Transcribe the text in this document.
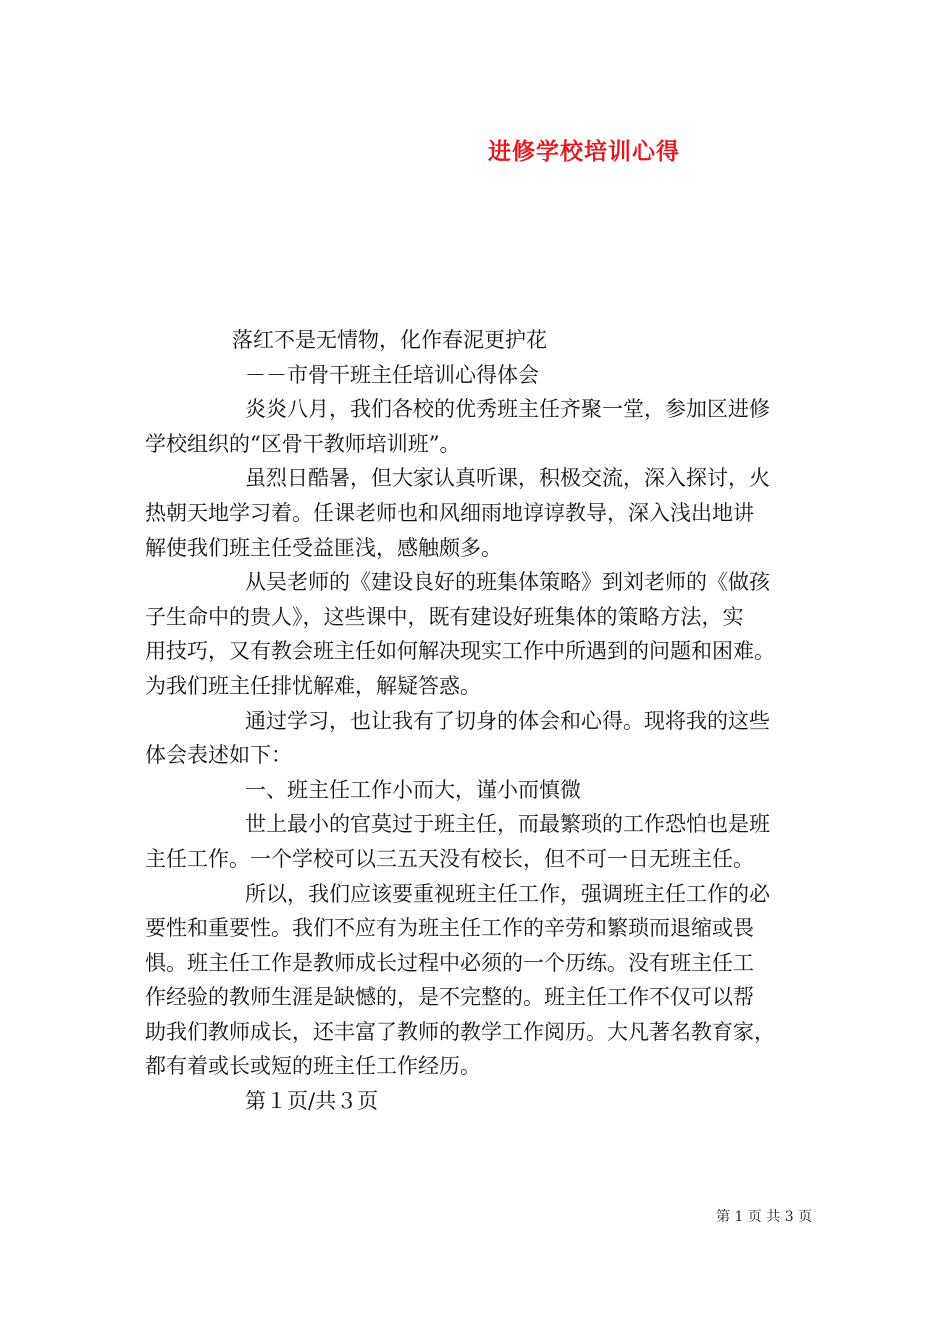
进修学校培训心得
落红不是无情物，化作春泥更护花
－－市骨干班主任培训心得体会
炎炎八月，我们各校的优秀班主任齐聚一堂，参加区进修
学校组织的“区骨干教师培训班”。
虽烈日酷暑，但大家认真听课，积极交流，深入探讨，火
热朝天地学习着。任课老师也和风细雨地谆谆教导，深入浅出地讲
解使我们班主任受益匪浅，感触颇多。
从吴老师的《建设良好的班集体策略》到刘老师的《做孩
子生命中的贵人》，这些课中，既有建设好班集体的策略方法，实
用技巧，又有教会班主任如何解决现实工作中所遇到的问题和困难。
为我们班主任排忧解难，解疑答惑。
通过学习，也让我有了切身的体会和心得。现将我的这些
体会表述如下：
一、班主任工作小而大，谨小而慎微
世上最小的官莫过于班主任，而最繁琐的工作恐怕也是班
主任工作。一个学校可以三五天没有校长，但不可一日无班主任。
所以，我们应该要重视班主任工作，强调班主任工作的必
要性和重要性。我们不应有为班主任工作的辛劳和繁琐而退缩或畏
惧。班主任工作是教师成长过程中必须的一个历练。没有班主任工
作经验的教师生涯是缺憾的，是不完整的。班主任工作不仅可以帮
助我们教师成长，还丰富了教师的教学工作阅历。大凡著名教育家，
都有着或长或短的班主任工作经历。
第１页/共３页
第 1 页 共 3 页
